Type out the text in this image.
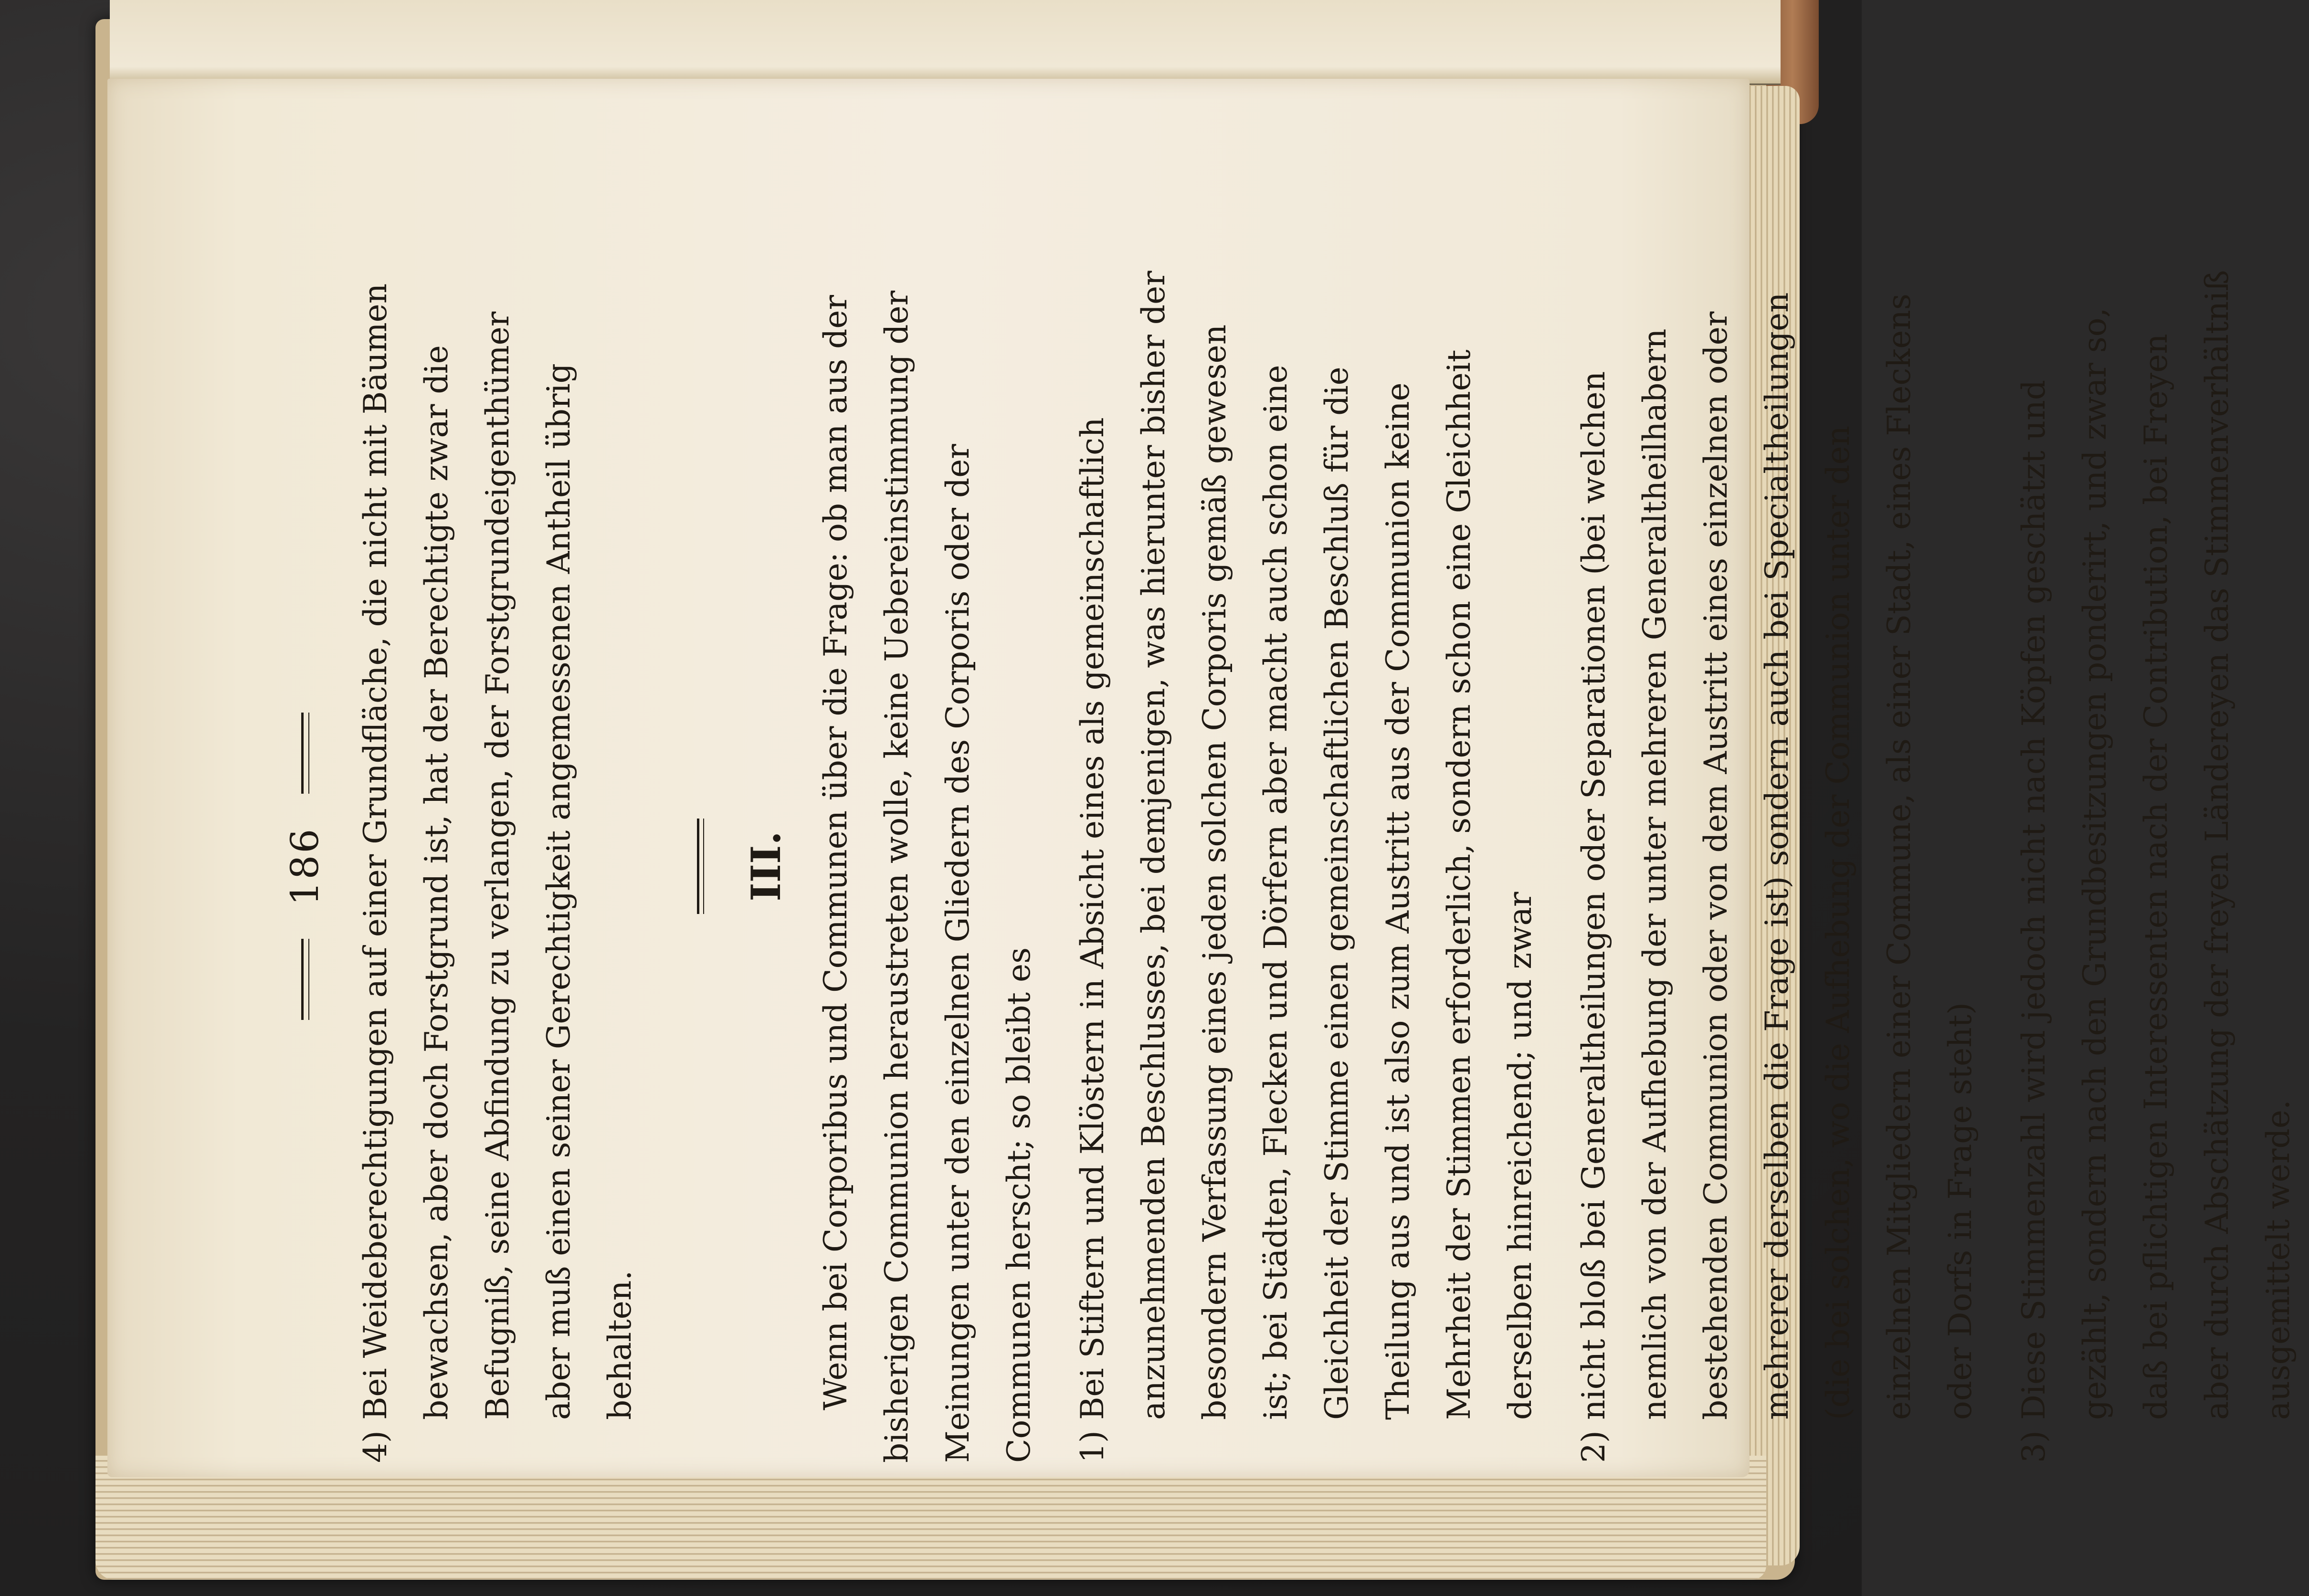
186
4)
Bei Weideberechtigungen auf einer Grundfläche, die nicht mit Bäumen bewachsen, aber doch Forstgrund ist, hat der Berechtigte zwar die Befugniß, seine Abfindung zu verlangen, der Forstgrundeigenthümer aber muß einen seiner Gerechtigkeit angemessenen Antheil übrig behalten.
III. Wenn bei Corporibus und Communen über die Frage: ob man aus der bisherigen Communion heraustreten wolle, keine Uebereinstimmung der Meinungen unter den einzelnen Gliedern des Corporis oder der Communen herscht; so bleibt es	1)
Bei Stiftern und Klöstern in Absicht eines als gemeinschaftlich anzunehmenden Beschlusses, bei demjenigen, was hierunter bisher der besondern Verfassung eines jeden solchen Corporis gemäß gewesen ist; bei Städten, Flecken und Dörfern aber macht auch schon eine Gleichheit der Stimme einen gemeinschaftlichen Beschluß für die Theilung aus und ist also zum Austritt aus der Communion keine Mehrheit der Stimmen erforderlich, sondern schon eine Gleichheit derselben hinreichend; und zwar
2)
nicht bloß bei Generaltheilungen oder Separationen (bei welchen nemlich von der Aufhebung der unter mehreren Generaltheilhabern bestehenden Communion oder von dem Austritt eines einzelnen oder mehrerer derselben die Frage ist) sondern auch bei Specialtheilungen (die bei solchen, wo die Aufhebung der Communion unter den einzelnen Mitgliedern einer Commune, als einer Stadt, eines Fleckens oder Dorfs in Frage steht)
3)
Diese Stimmenzahl wird jedoch nicht nach Köpfen geschätzt und gezählt, sondern nach den Grundbesitzungen ponderirt, und zwar so, daß bei pflichtigen Interessenten nach der Contribution, bei Freyen aber durch Abschätzung der freyen Ländereyen das Stimmenverhältniß ausgemittelt werde.
